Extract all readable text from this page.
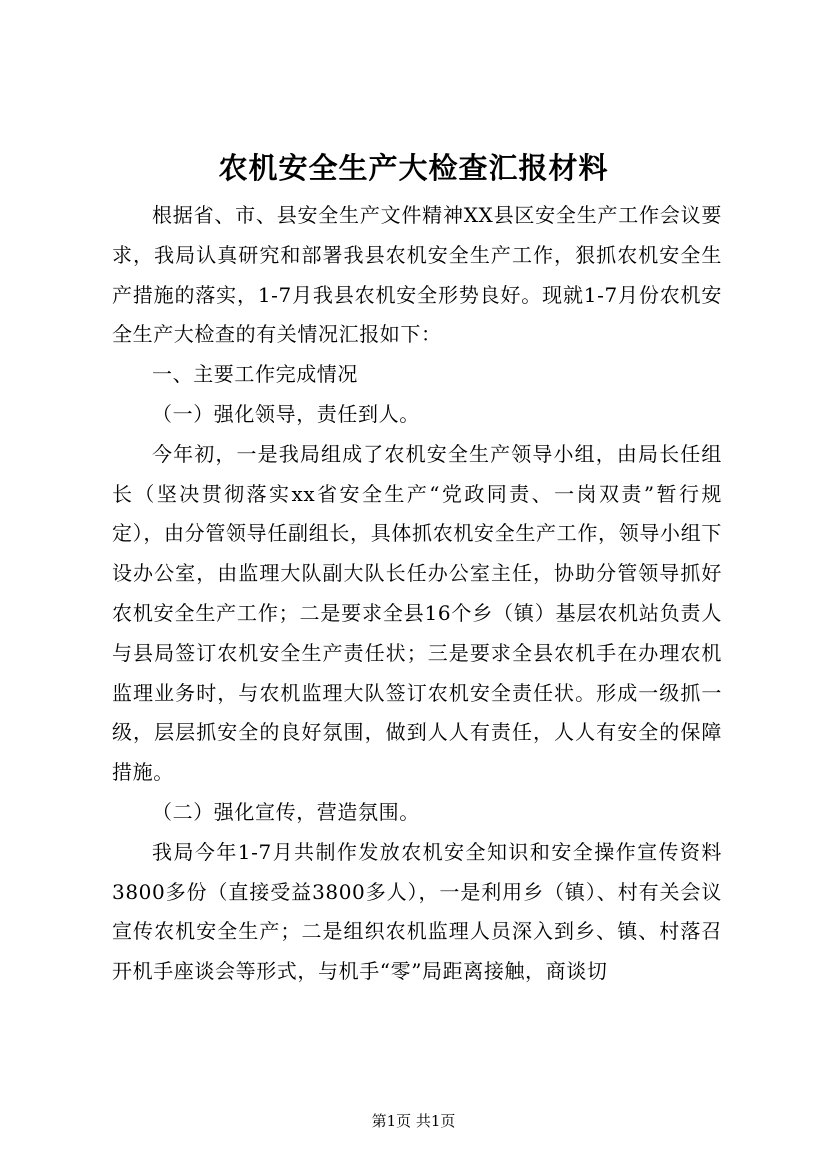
农机安全生产大检查汇报材料

根据省、市、县安全生产文件精神XX县区安全生产工作会议要求，我局认真研究和部署我县农机安全生产工作，狠抓农机安全生产措施的落实，1-7月我县农机安全形势良好。现就1-7月份农机安全生产大检查的有关情况汇报如下：

一、主要工作完成情况

（一）强化领导，责任到人。

今年初，一是我局组成了农机安全生产领导小组，由局长任组长（坚决贯彻落实xx省安全生产“党政同责、一岗双责”暂行规定），由分管领导任副组长，具体抓农机安全生产工作，领导小组下设办公室，由监理大队副大队长任办公室主任，协助分管领导抓好农机安全生产工作；二是要求全县16个乡（镇）基层农机站负责人与县局签订农机安全生产责任状；三是要求全县农机手在办理农机监理业务时，与农机监理大队签订农机安全责任状。形成一级抓一级，层层抓安全的良好氛围，做到人人有责任，人人有安全的保障措施。

（二）强化宣传，营造氛围。

我局今年1-7月共制作发放农机安全知识和安全操作宣传资料3800多份（直接受益3800多人），一是利用乡（镇）、村有关会议宣传农机安全生产；二是组织农机监理人员深入到乡、镇、村落召开机手座谈会等形式，与机手“零”局距离接触，商谈切

第1页 共1页
